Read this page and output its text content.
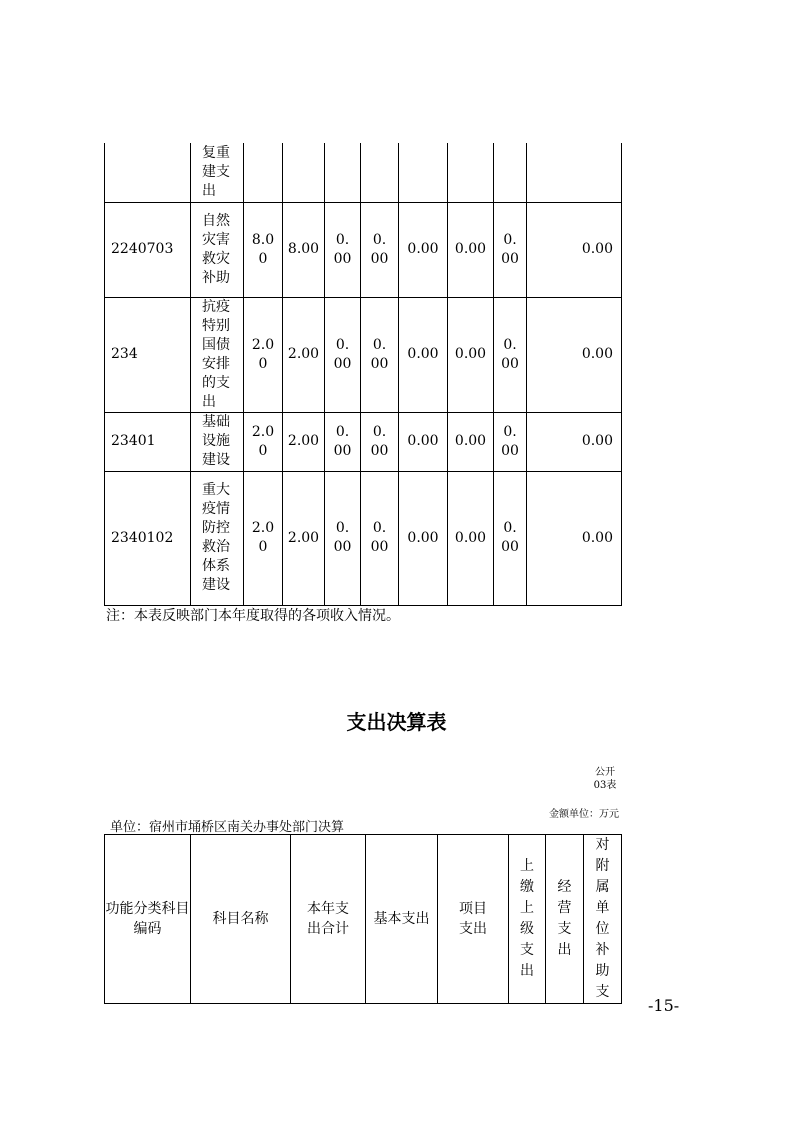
	复重建支出								
2240703	自然灾害救灾补助	8.00	8.00	0.00	0.00	0.00	0.00	0.00	0.00
234	抗疫特别国债安排的支出	2.00	2.00	0.00	0.00	0.00	0.00	0.00	0.00
23401	基础设施建设	2.00	2.00	0.00	0.00	0.00	0.00	0.00	0.00
2340102	重大疫情防控救治体系建设	2.00	2.00	0.00	0.00	0.00	0.00	0.00	0.00
注：本表反映部门本年度取得的各项收入情况。
支出决算表
公开03表
金额单位：万元
单位：宿州市埇桥区南关办事处部门决算
功能分类科目编码	科目名称	本年支出合计	基本支出	项目支出	上缴上级支出	经营支出	对附属单位补助支
-15-
